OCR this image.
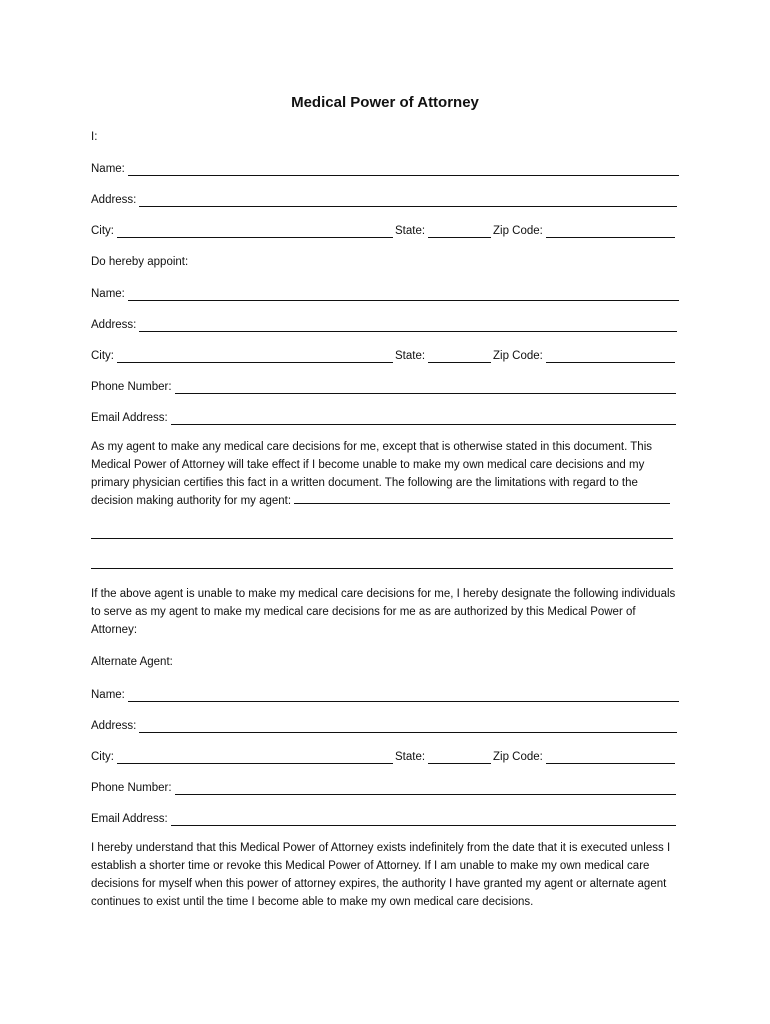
Medical Power of Attorney
I:
Name:
Address:
City:	State:	Zip Code:
Do hereby appoint:
Name:
Address:
City:	State:	Zip Code:
Phone Number:
Email Address:
As my agent to make any medical care decisions for me, except that is otherwise stated in this document. This Medical Power of Attorney will take effect if I become unable to make my own medical care decisions and my primary physician certifies this fact in a written document. The following are the limitations with regard to the decision making authority for my agent:
If the above agent is unable to make my medical care decisions for me, I hereby designate the following individuals to serve as my agent to make my medical care decisions for me as are authorized by this Medical Power of Attorney:
Alternate Agent:
Name:
Address:
City:	State:	Zip Code:
Phone Number:
Email Address:
I hereby understand that this Medical Power of Attorney exists indefinitely from the date that it is executed unless I establish a shorter time or revoke this Medical Power of Attorney. If I am unable to make my own medical care decisions for myself when this power of attorney expires, the authority I have granted my agent or alternate agent continues to exist until the time I become able to make my own medical care decisions.
